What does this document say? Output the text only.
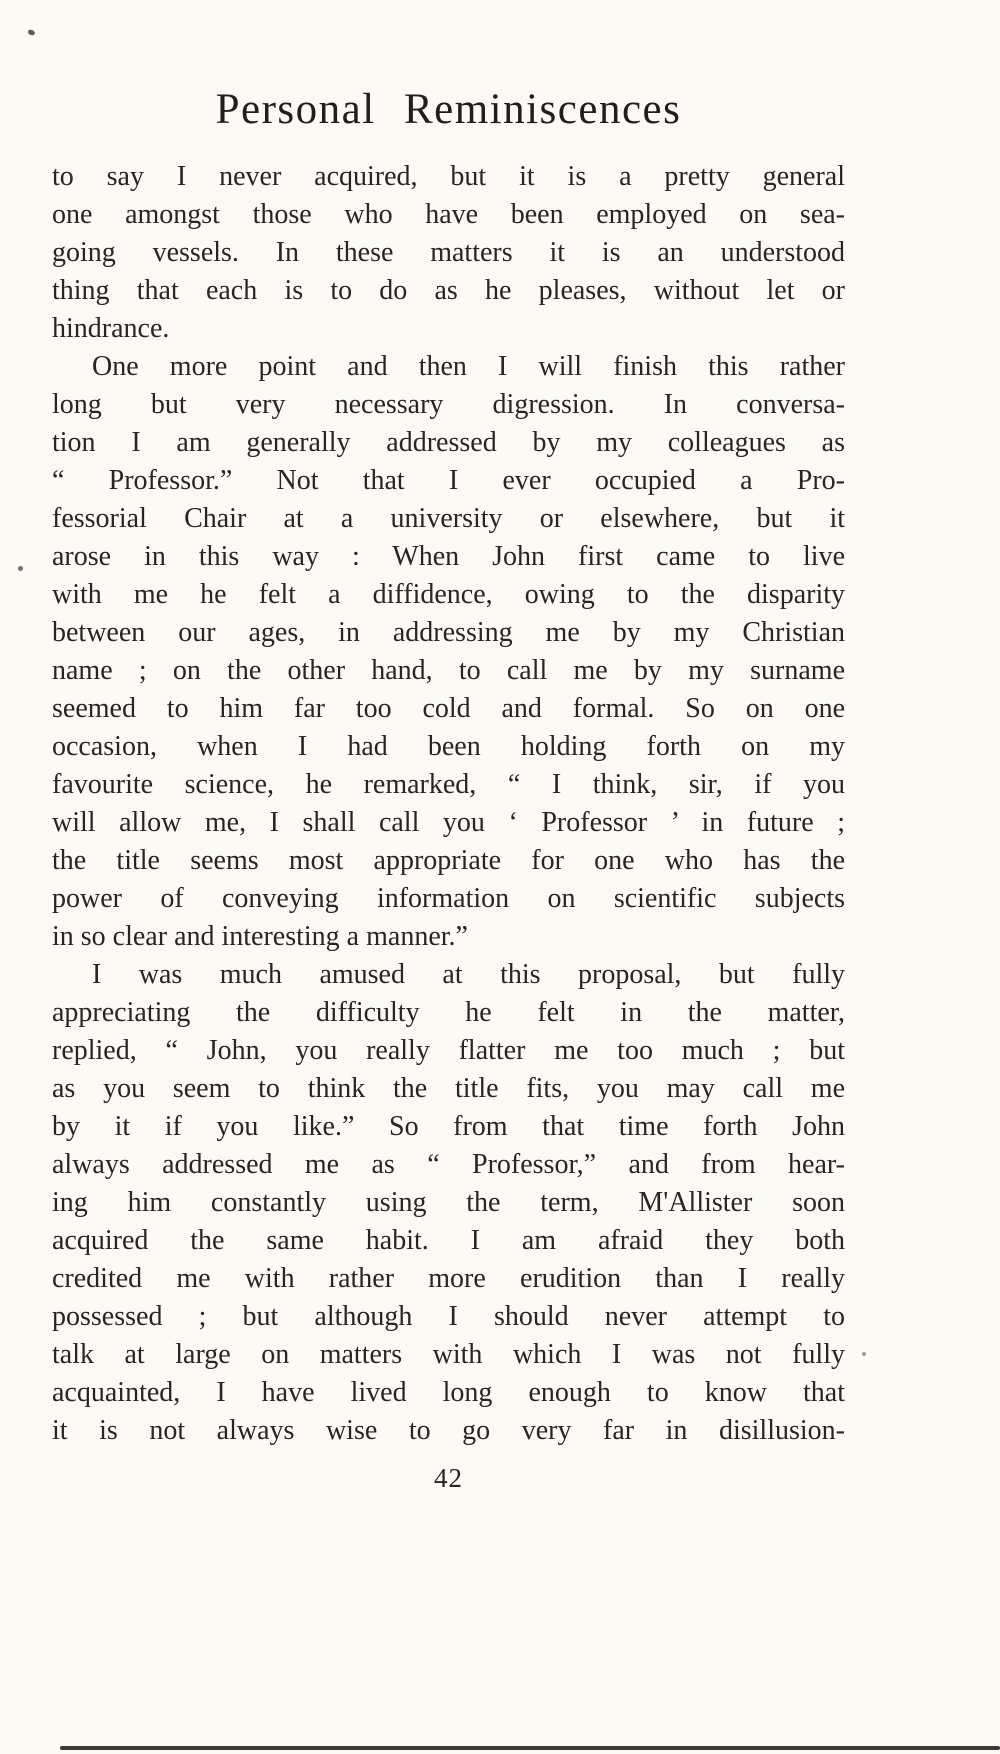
Personal Reminiscences
to say I never acquired, but it is a pretty general
one amongst those who have been employed on sea-
going vessels. In these matters it is an understood
thing that each is to do as he pleases, without let or
hindrance.
One more point and then I will finish this rather
long but very necessary digression. In conversa-
tion I am generally addressed by my colleagues as
“ Professor.” Not that I ever occupied a Pro-
fessorial Chair at a university or elsewhere, but it
arose in this way : When John first came to live
with me he felt a diffidence, owing to the disparity
between our ages, in addressing me by my Christian
name ; on the other hand, to call me by my surname
seemed to him far too cold and formal. So on one
occasion, when I had been holding forth on my
favourite science, he remarked, “ I think, sir, if you
will allow me, I shall call you ‘ Professor ’ in future ;
the title seems most appropriate for one who has the
power of conveying information on scientific subjects
in so clear and interesting a manner.”
I was much amused at this proposal, but fully
appreciating the difficulty he felt in the matter,
replied, “ John, you really flatter me too much ; but
as you seem to think the title fits, you may call me
by it if you like.” So from that time forth John
always addressed me as “ Professor,” and from hear-
ing him constantly using the term, M'Allister soon
acquired the same habit. I am afraid they both
credited me with rather more erudition than I really
possessed ; but although I should never attempt to
talk at large on matters with which I was not fully
acquainted, I have lived long enough to know that
it is not always wise to go very far in disillusion-
42
